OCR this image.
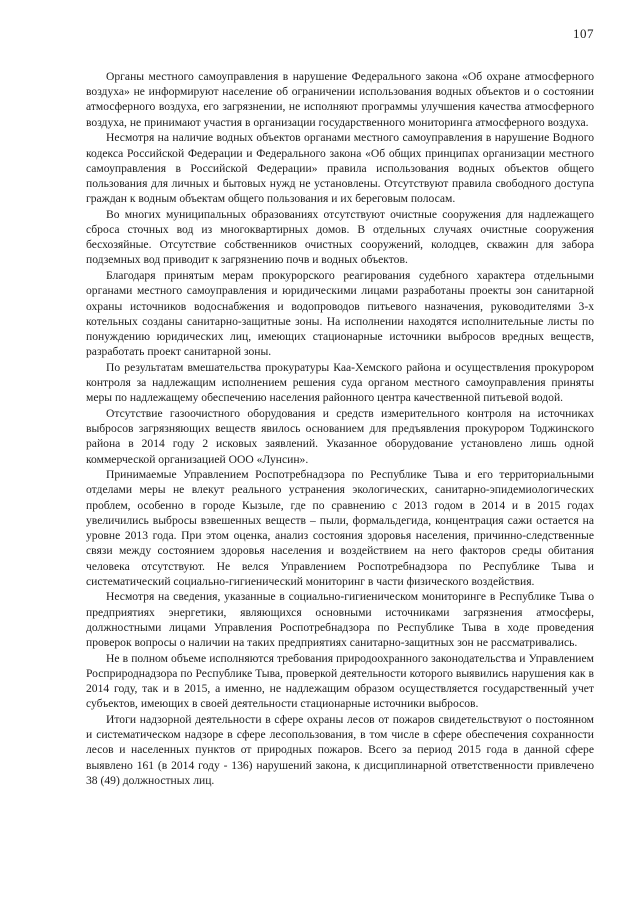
107

Органы местного самоуправления в нарушение Федерального закона «Об охране атмосферного воздуха» не информируют население об ограничении использования водных объектов и о состоянии атмосферного воздуха, его загрязнении, не исполняют программы улучшения качества атмосферного воздуха, не принимают участия в организации государственного мониторинга атмосферного воздуха.

Несмотря на наличие водных объектов органами местного самоуправления в нарушение Водного кодекса Российской Федерации и Федерального закона «Об общих принципах организации местного самоуправления в Российской Федерации» правила использования водных объектов общего пользования для личных и бытовых нужд не установлены. Отсутствуют правила свободного доступа граждан к водным объектам общего пользования и их береговым полосам.

Во многих муниципальных образованиях отсутствуют очистные сооружения для надлежащего сброса сточных вод из многоквартирных домов. В отдельных случаях очистные сооружения бесхозяйные. Отсутствие собственников очистных сооружений, колодцев, скважин для забора подземных вод приводит к загрязнению почв и водных объектов.

Благодаря принятым мерам прокурорского реагирования судебного характера отдельными органами местного самоуправления и юридическими лицами разработаны проекты зон санитарной охраны источников водоснабжения и водопроводов питьевого назначения, руководителями 3-х котельных созданы санитарно-защитные зоны. На исполнении находятся исполнительные листы по понуждению юридических лиц, имеющих стационарные источники выбросов вредных веществ, разработать проект санитарной зоны.

По результатам вмешательства прокуратуры Каа-Хемского района и осуществления прокурором контроля за надлежащим исполнением решения суда органом местного самоуправления приняты меры по надлежащему обеспечению населения районного центра качественной питьевой водой.

Отсутствие газоочистного оборудования и средств измерительного контроля на источниках выбросов загрязняющих веществ явилось основанием для предъявления прокурором Тоджинского района в 2014 году 2 исковых заявлений. Указанное оборудование установлено лишь одной коммерческой организацией ООО «Лунсин».

Принимаемые Управлением Роспотребнадзора по Республике Тыва и его территориальными отделами меры не влекут реального устранения экологических, санитарно-эпидемиологических проблем, особенно в городе Кызыле, где по сравнению с 2013 годом в 2014 и в 2015 годах увеличились выбросы взвешенных веществ – пыли, формальдегида, концентрация сажи остается на уровне 2013 года. При этом оценка, анализ состояния здоровья населения, причинно-следственные связи между состоянием здоровья населения и воздействием на него факторов среды обитания человека отсутствуют. Не велся Управлением Роспотребнадзора по Республике Тыва и систематический социально-гигиенический мониторинг в части физического воздействия.

Несмотря на сведения, указанные в социально-гигиеническом мониторинге в Республике Тыва о предприятиях энергетики, являющихся основными источниками загрязнения атмосферы, должностными лицами Управления Роспотребнадзора по Республике Тыва в ходе проведения проверок вопросы о наличии на таких предприятиях санитарно-защитных зон не рассматривались.

Не в полном объеме исполняются требования природоохранного законодательства и Управлением Росприроднадзора по Республике Тыва, проверкой деятельности которого выявились нарушения как в 2014 году, так и в 2015, а именно, не надлежащим образом осуществляется государственный учет субъектов, имеющих в своей деятельности стационарные источники выбросов.

Итоги надзорной деятельности в сфере охраны лесов от пожаров свидетельствуют о постоянном и систематическом надзоре в сфере лесопользования, в том числе в сфере обеспечения сохранности лесов и населенных пунктов от природных пожаров. Всего за период 2015 года в данной сфере выявлено 161 (в 2014 году - 136) нарушений закона, к дисциплинарной ответственности привлечено 38 (49) должностных лиц.
